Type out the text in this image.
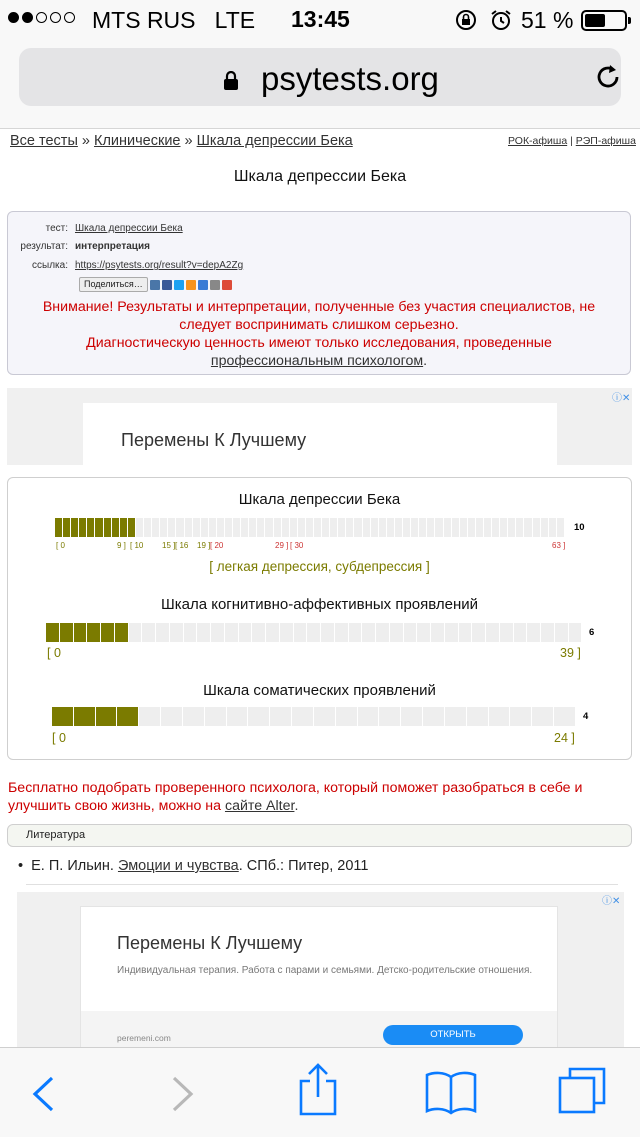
MTS RUS   LTE 13:45	51 %
psytests.org
Все тесты » Клинические » Шкала депрессии Бека	РОК-афиша | РЭП-афиша
Шкала депрессии Бека
тест: Шкала депрессии Бека
результат: интерпретация
ссылка: https://psytests.org/result?v=depA2Zg
Поделиться…
Внимание! Результаты и интерпретации, полученные без участия специалистов, не
следует воспринимать слишком серьезно.
Диагностическую ценность имеют только исследования, проведенные
профессиональным психологом.
ⓘ✕
Перемены К Лучшему
Шкала депрессии Бека
10
[ 0	9 ] [ 10 15 ] [ 16 19 ] [ 20	29 ] [ 30	63 ]
[ легкая депрессия, субдепрессия ]
Шкала когнитивно-аффективных проявлений
6
[ 0	39 ]
Шкала соматических проявлений
4
[ 0	24 ]
Бесплатно подобрать проверенного психолога, который поможет разобраться в себе и улучшить свою жизнь, можно на сайте Alter.
Литература
•  Е. П. Ильин. Эмоции и чувства. СПб.: Питер, 2011
ⓘ✕
Перемены К Лучшему
Индивидуальная терапия. Работа с парами и семьями. Детско-родительские отношения.
peremeni.com	ОТКРЫТЬ
